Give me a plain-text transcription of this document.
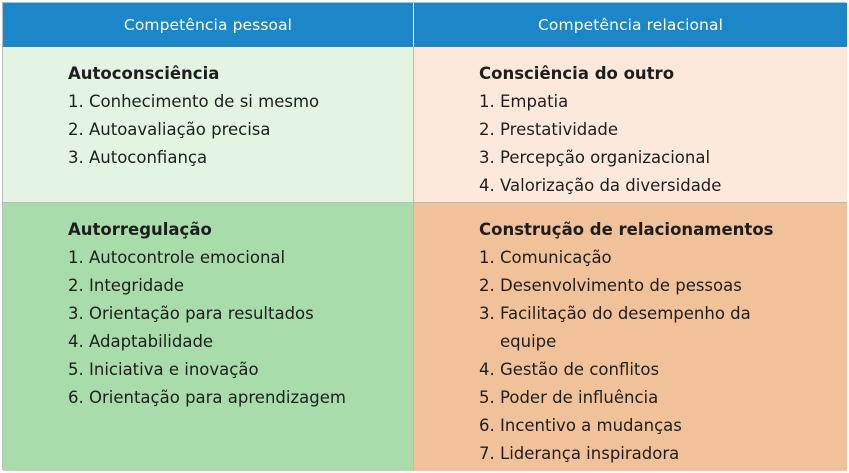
Competência pessoal	Competência relacional
Autoconsciência
1. Conhecimento de si mesmo
2. Autoavaliação precisa
3. Autoconfiança
Consciência do outro
1. Empatia
2. Prestatividade
3. Percepção organizacional
4. Valorização da diversidade
Autorregulação
1. Autocontrole emocional
2. Integridade
3. Orientação para resultados
4. Adaptabilidade
5. Iniciativa e inovação
6. Orientação para aprendizagem
Construção de relacionamentos
1. Comunicação
2. Desenvolvimento de pessoas
3. Facilitação do desempenho da equipe
4. Gestão de conflitos
5. Poder de influência
6. Incentivo a mudanças
7. Liderança inspiradora
